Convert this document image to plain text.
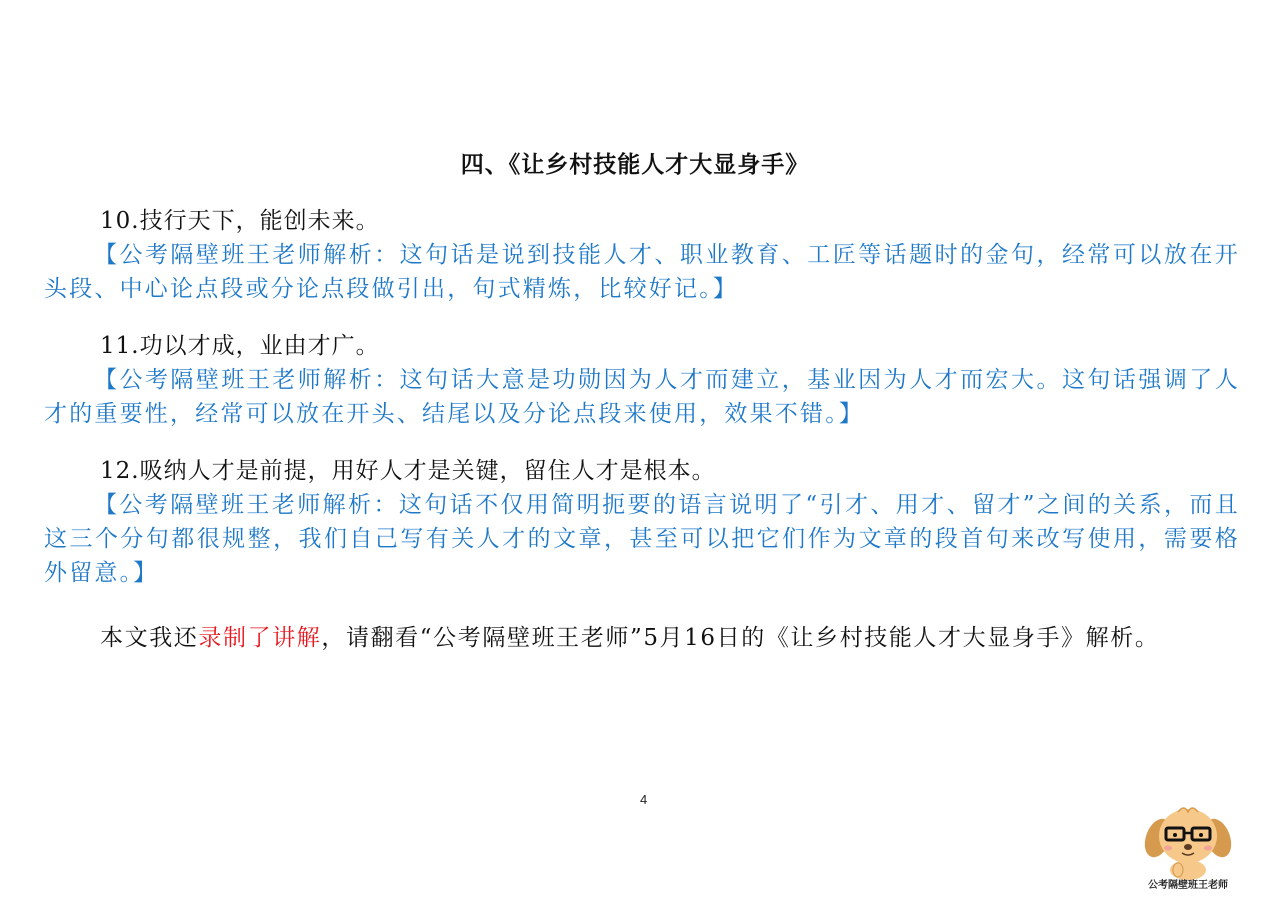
四、《让乡村技能人才大显身手》
10.技行天下，能创未来。
【公考隔壁班王老师解析：这句话是说到技能人才、职业教育、工匠等话题时的金句，经常可以放在开头段、中心论点段或分论点段做引出，句式精炼，比较好记。】
11.功以才成，业由才广。
【公考隔壁班王老师解析：这句话大意是功勋因为人才而建立，基业因为人才而宏大。这句话强调了人才的重要性，经常可以放在开头、结尾以及分论点段来使用，效果不错。】
12.吸纳人才是前提，用好人才是关键，留住人才是根本。
【公考隔壁班王老师解析：这句话不仅用简明扼要的语言说明了“引才、用才、留才”之间的关系，而且这三个分句都很规整，我们自己写有关人才的文章，甚至可以把它们作为文章的段首句来改写使用，需要格外留意。】
本文我还录制了讲解，请翻看“公考隔壁班王老师”5月16日的《让乡村技能人才大显身手》解析。
4
公考隔壁班王老师
